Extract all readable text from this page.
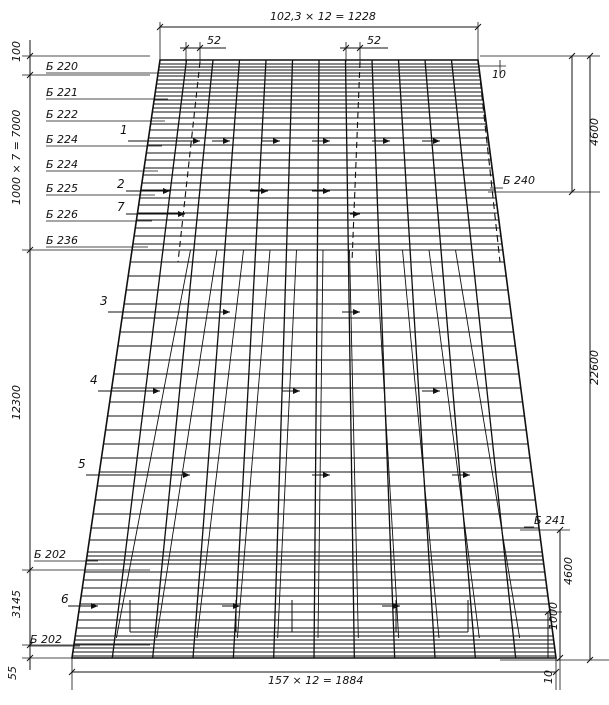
102,3 × 12 = 1228
52	52
157 × 12 = 1884
10
10
100
1000 × 7 = 7000
12300
3145
55
4600
22600
4600
1000
Б 220
Б 221
Б 222
Б 224
Б 224
Б 225
Б 226
Б 236
Б 202
Б 202
Б 240
Б 241
1
2
7
3
4
5
6
